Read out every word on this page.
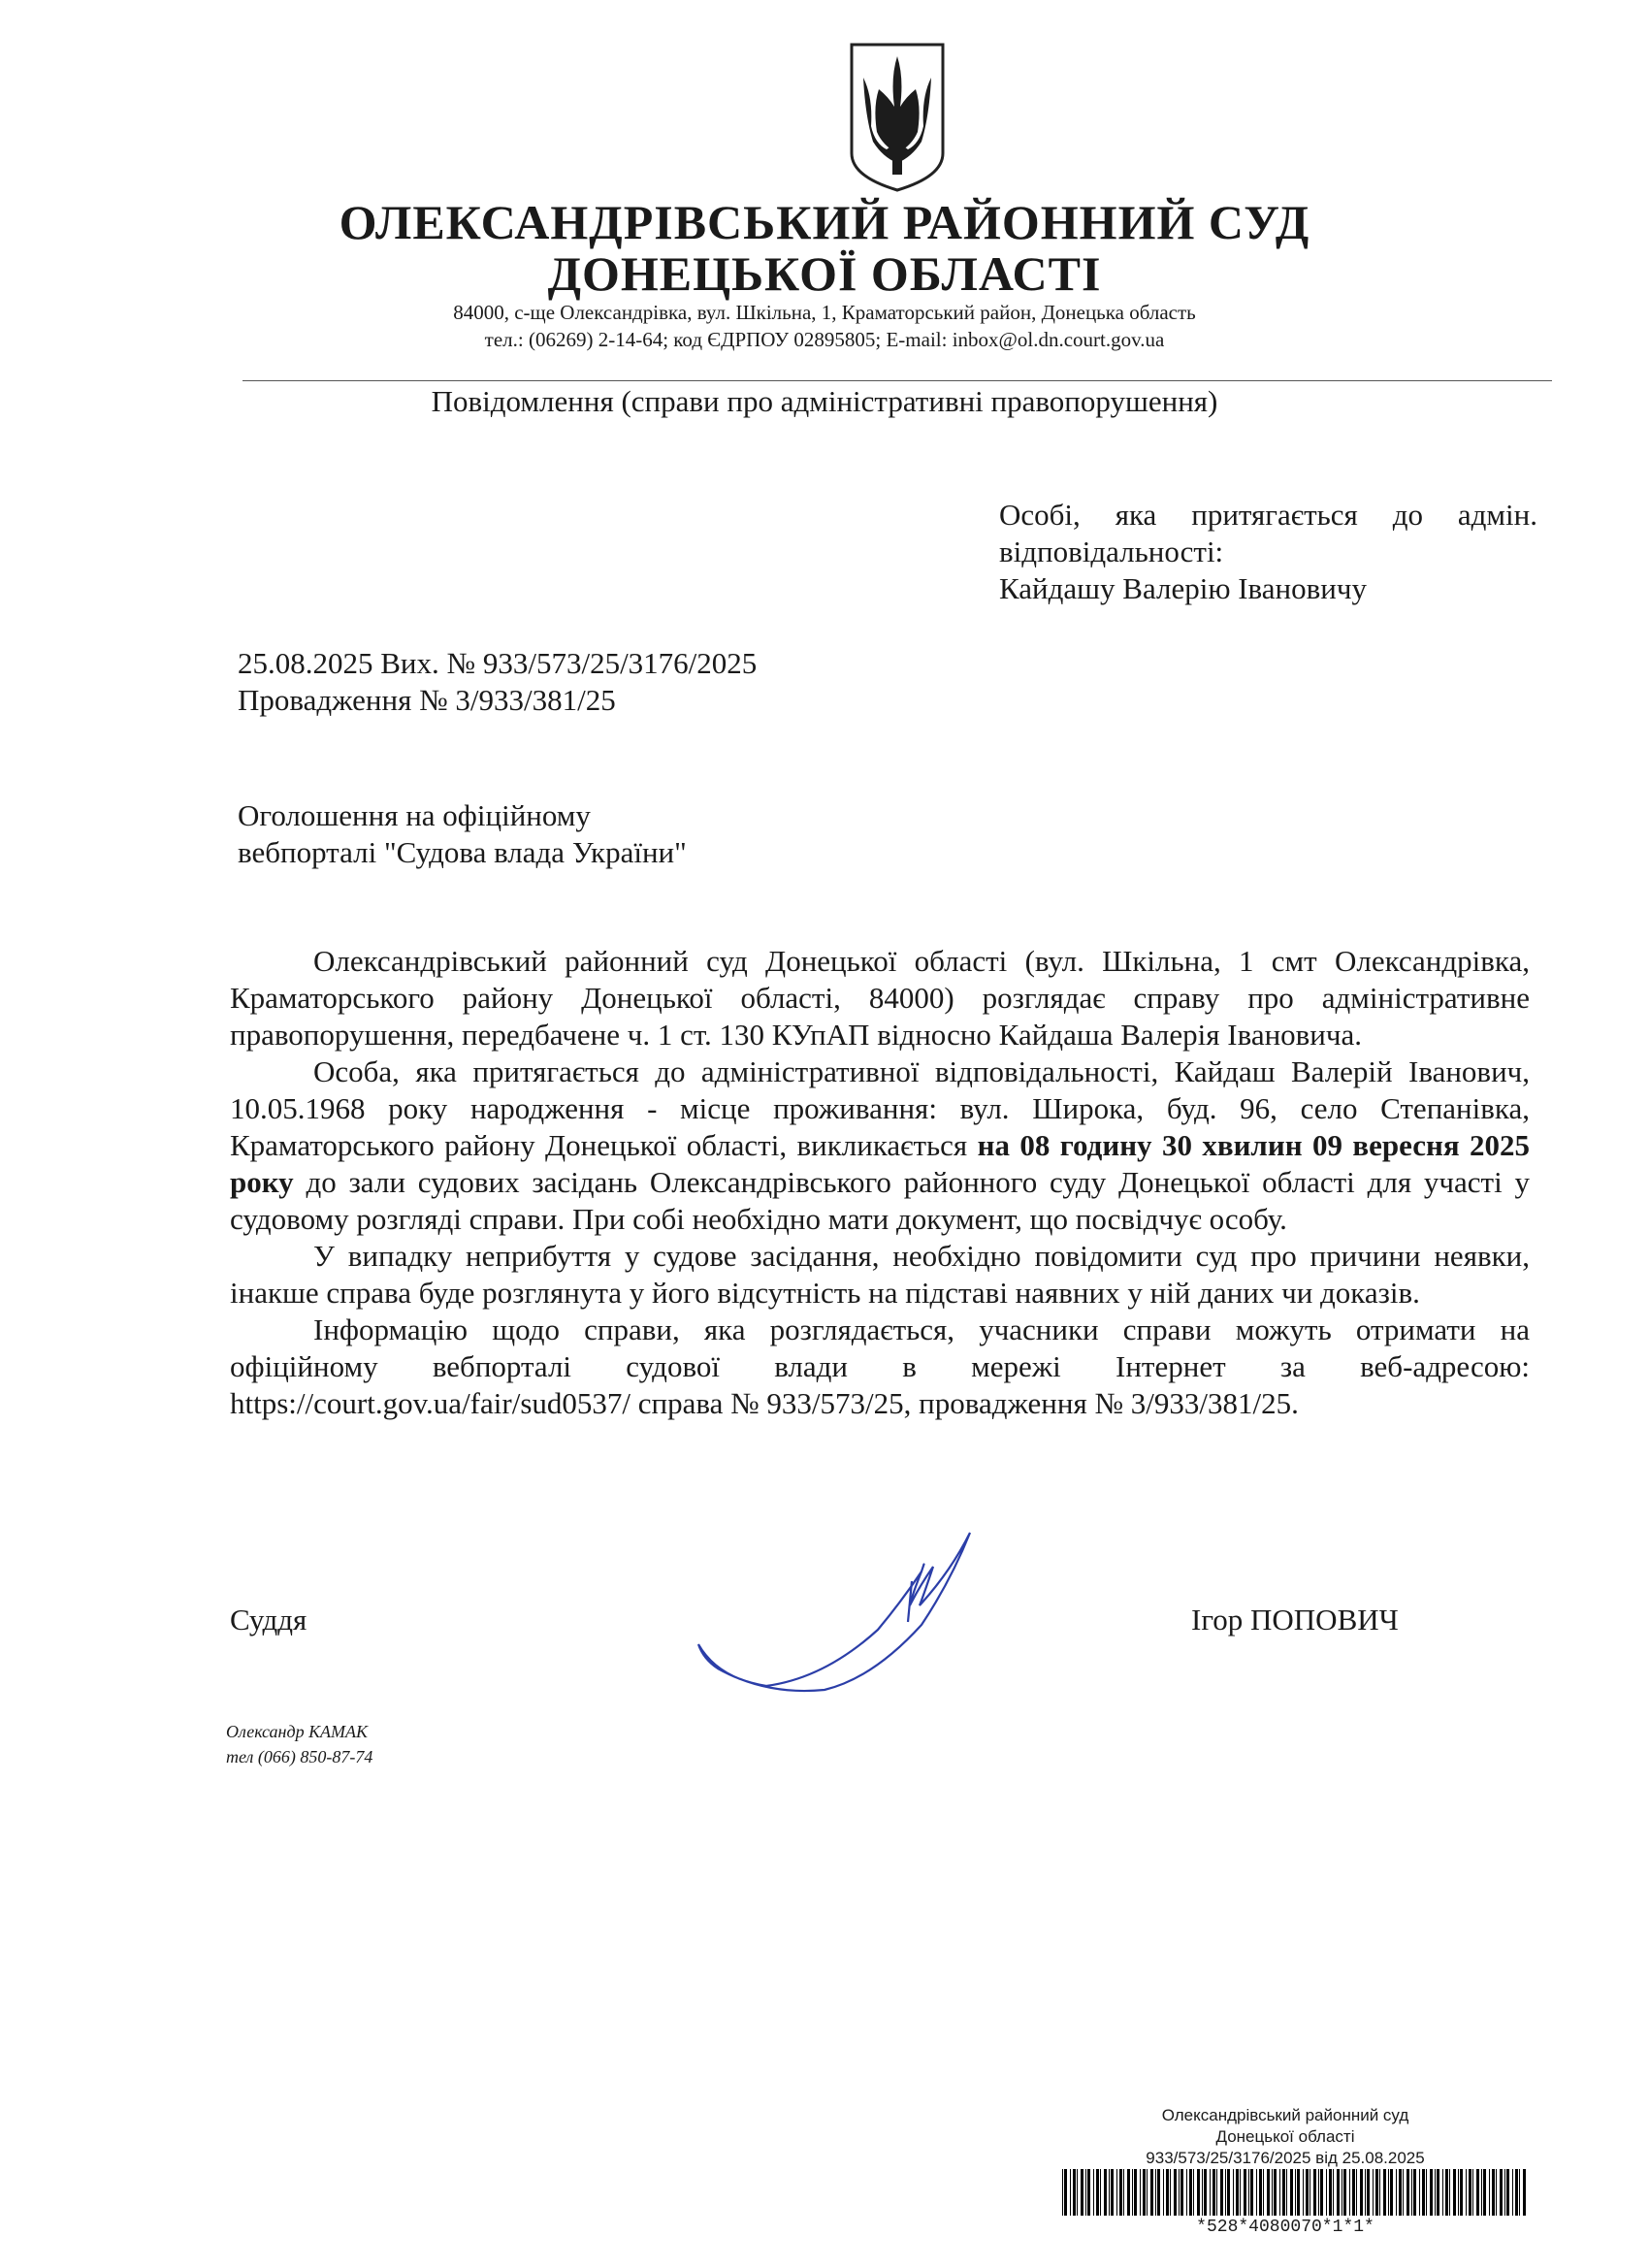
ОЛЕКСАНДРІВСЬКИЙ РАЙОННИЙ СУД
ДОНЕЦЬКОЇ ОБЛАСТІ
84000, с-ще Олександрівка, вул. Шкільна, 1, Краматорський район, Донецька область
тел.: (06269) 2-14-64; код ЄДРПОУ 02895805; E-mail: inbox@ol.dn.court.gov.ua
Повідомлення (справи про адміністративні правопорушення)
Особі, яка притягається до адмін.
відповідальності:
Кайдашу Валерію Івановичу
25.08.2025 Вих. № 933/573/25/3176/2025
Провадження № 3/933/381/25
Оголошення на офіційному
вебпорталі "Судова влада України"

Олександрівський районний суд Донецької області (вул. Шкільна, 1 смт Олександрівка, Краматорського району Донецької області, 84000) розглядає справу про адміністративне правопорушення, передбачене ч. 1 ст. 130 КУпАП відносно Кайдаша Валерія Івановича.

Особа, яка притягається до адміністративної відповідальності, Кайдаш Валерій Іванович, 10.05.1968 року народження - місце проживання: вул. Широка, буд. 96, село Степанівка, Краматорського району Донецької області, викликається на 08 годину 30 хвилин 09 вересня 2025 року до зали судових засідань Олександрівського районного суду Донецької області для участі у судовому розгляді справи. При собі необхідно мати документ, що посвідчує особу.

У випадку неприбуття у судове засідання, необхідно повідомити суд про причини неявки, інакше справа буде розглянута у його відсутність на підставі наявних у ній даних чи доказів.

Інформацію щодо справи, яка розглядається, учасники справи можуть отримати на офіційному вебпорталі судової влади в мережі Інтернет за веб-адресою: https://court.gov.ua/fair/sud0537/ справа № 933/573/25, провадження № 3/933/381/25.

Суддя	Ігор ПОПОВИЧ
Олександр КАМАК
тел (066) 850-87-74
Олександрівський районний суд
Донецької області
933/573/25/3176/2025 від 25.08.2025
*528*4080070*1*1*
